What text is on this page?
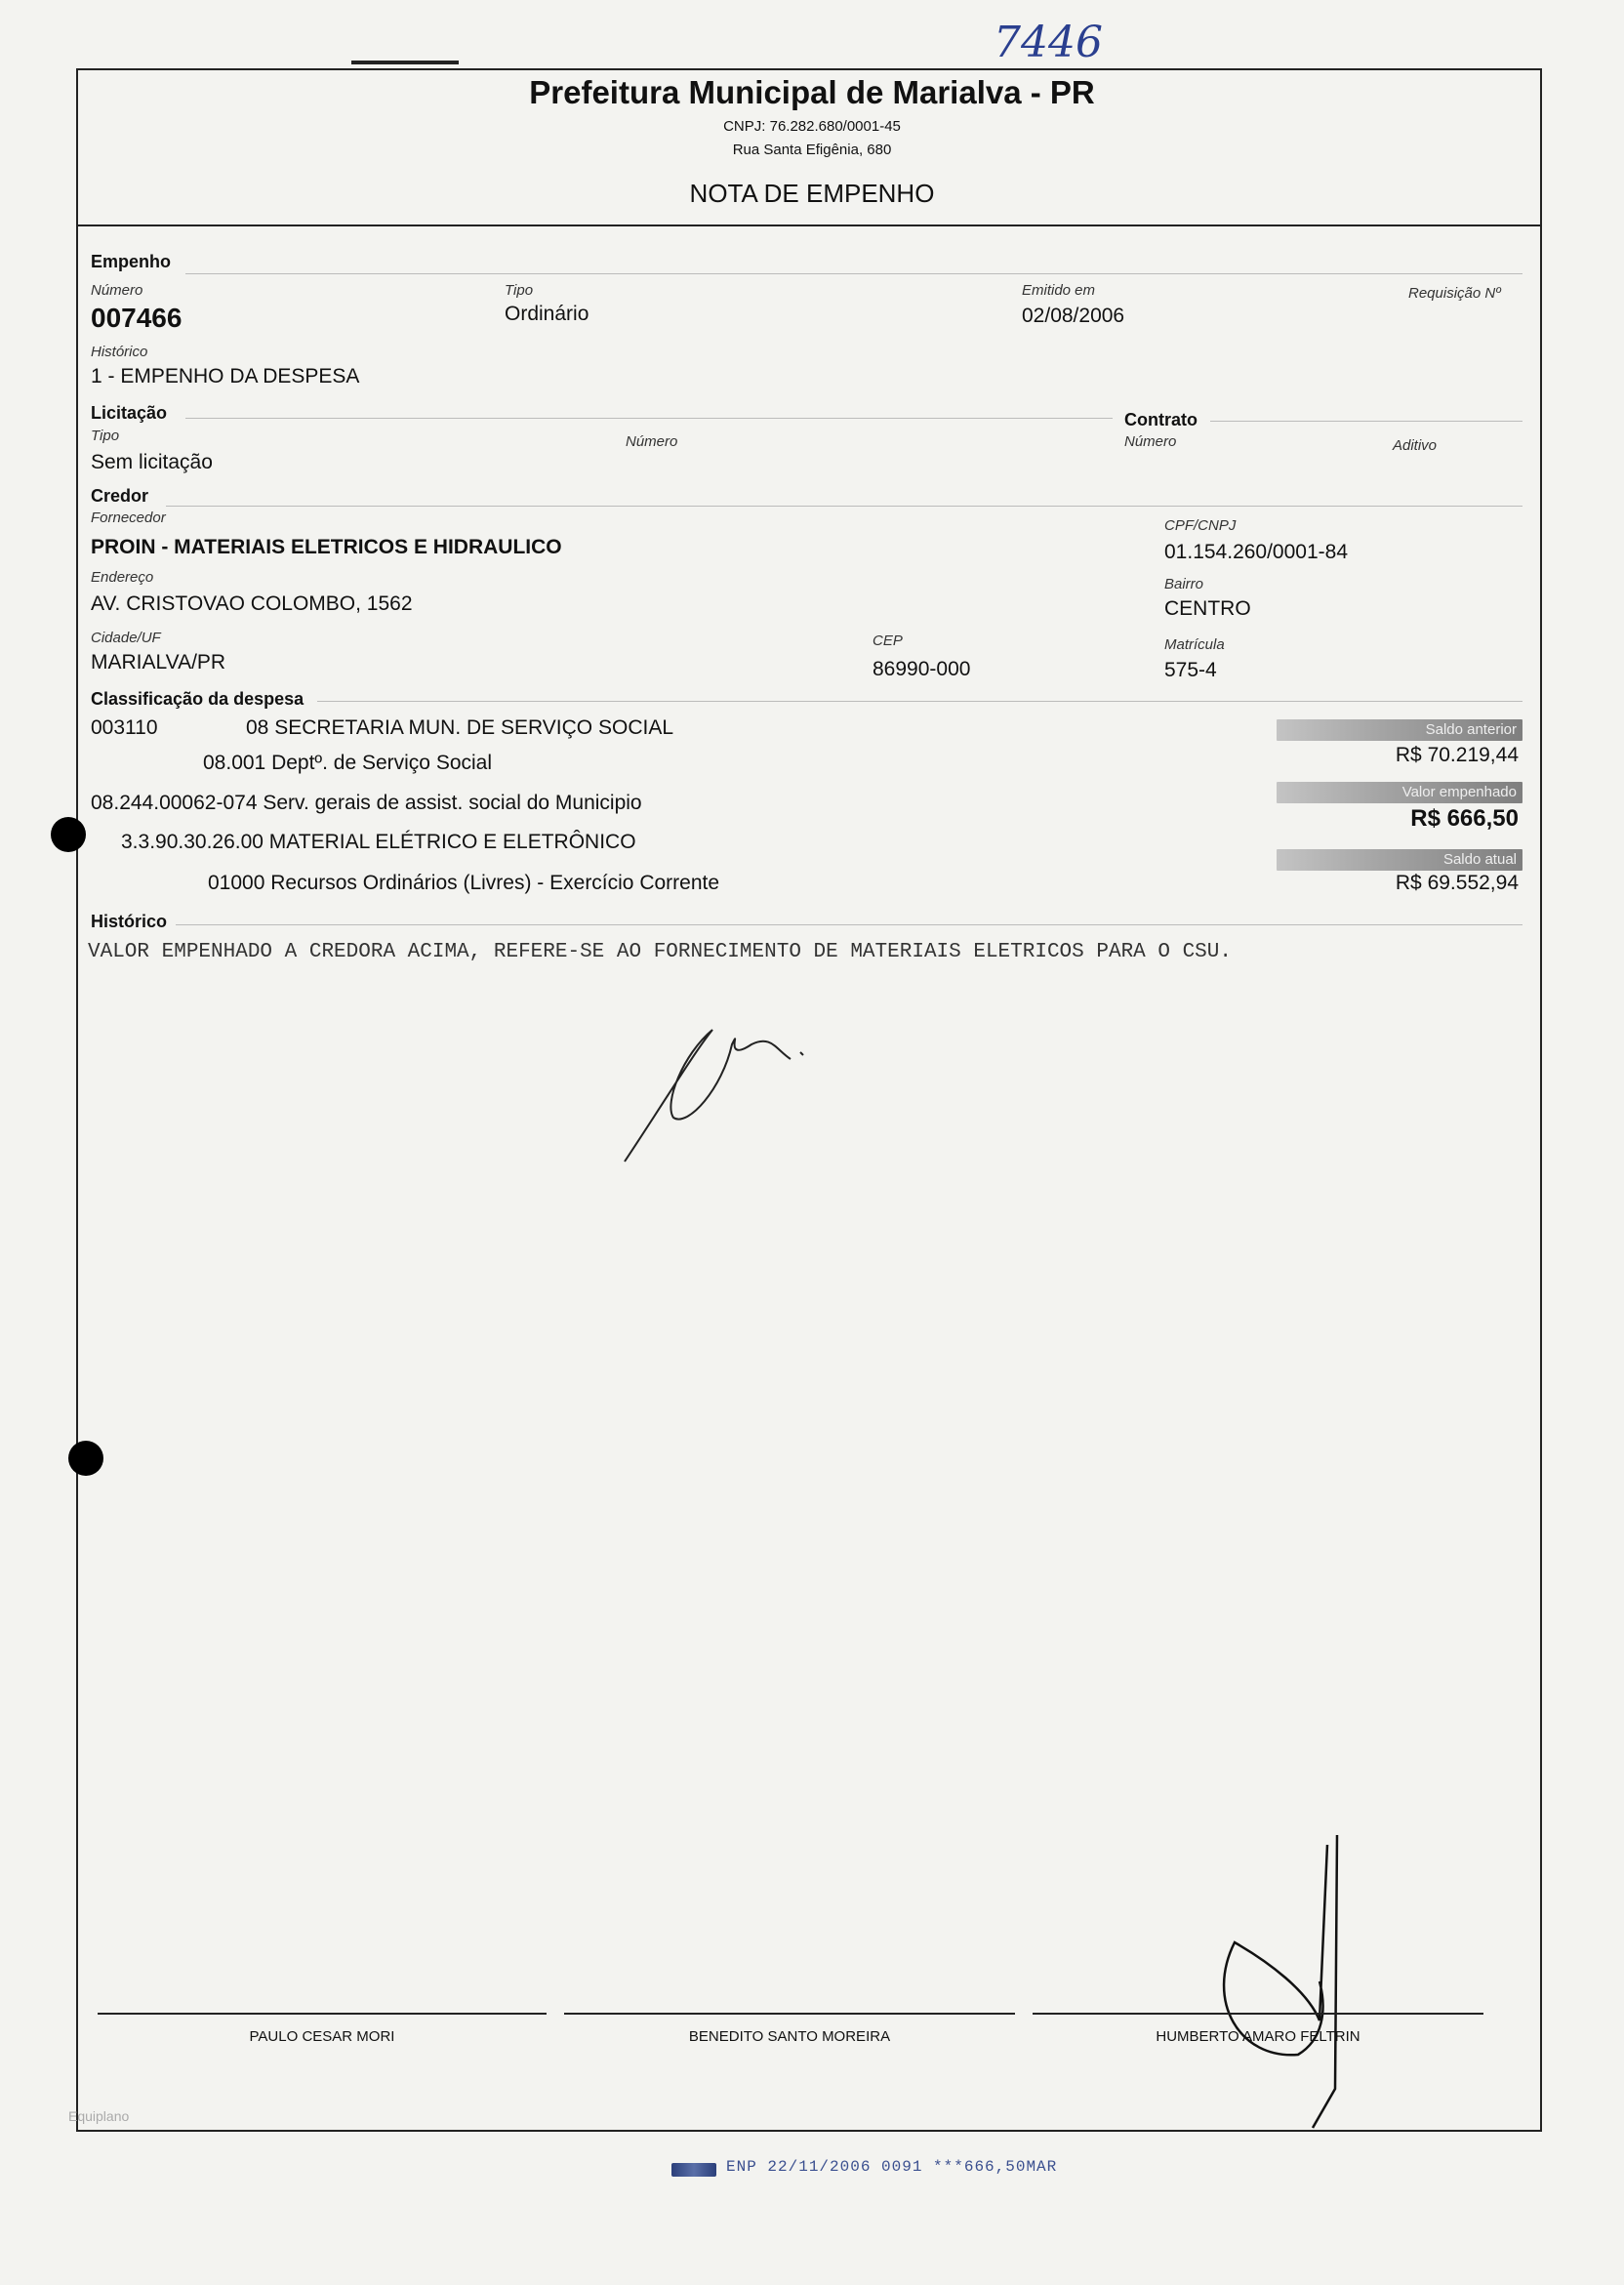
7446
Prefeitura Municipal de Marialva - PR
CNPJ: 76.282.680/0001-45
Rua Santa Efigênia, 680
NOTA DE EMPENHO
Empenho
Número
007466
Tipo
Ordinário
Emitido em
02/08/2006
Requisição Nº
Histórico
1 - EMPENHO DA DESPESA
Licitação
Tipo
Sem licitação
Número
Contrato
Número	Aditivo
Credor
Fornecedor
PROIN - MATERIAIS ELETRICOS E HIDRAULICO
CPF/CNPJ
01.154.260/0001-84
Endereço
AV. CRISTOVAO COLOMBO, 1562
Bairro
CENTRO
Cidade/UF
MARIALVA/PR
CEP
86990-000
Matrícula
575-4
Classificação da despesa
003110	08 SECRETARIA MUN. DE SERVIÇO SOCIAL
08.001 Deptº. de Serviço Social
08.244.00062-074 Serv. gerais de assist. social do Municipio
3.3.90.30.26.00 MATERIAL ELÉTRICO E ELETRÔNICO
01000 Recursos Ordinários (Livres) - Exercício Corrente
Saldo anterior
R$ 70.219,44
Valor empenhado
R$ 666,50
Saldo atual
R$ 69.552,94
Histórico
VALOR EMPENHADO A CREDORA ACIMA, REFERE-SE AO FORNECIMENTO DE MATERIAIS ELETRICOS PARA O CSU.
PAULO CESAR MORI	BENEDITO SANTO MOREIRA	HUMBERTO AMARO FELTRIN
Equiplano
ENP 22/11/2006 0091 ***666,50MAR
